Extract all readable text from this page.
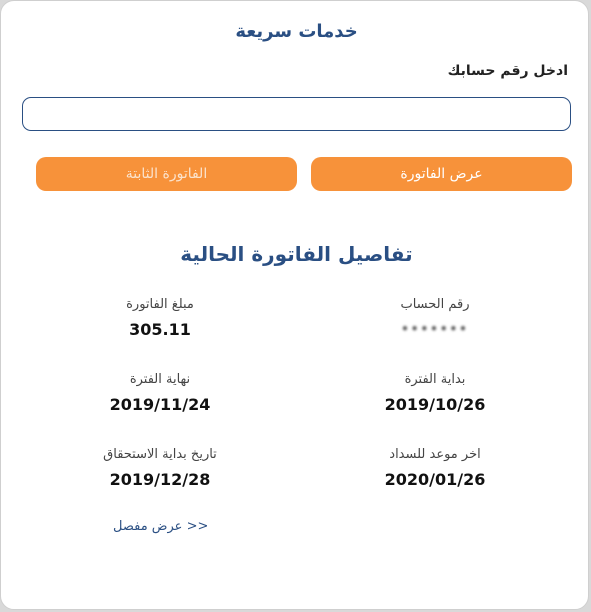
خدمات سريعة
ادخل رقم حسابك
عرض الفاتورة
الفاتورة الثابتة
تفاصيل الفاتورة الحالية
رقم الحساب
•••••••
مبلغ الفاتورة
305.11
بداية الفترة
2019/10/26
نهاية الفترة
2019/11/24
اخر موعد للسداد
2020/01/26
تاريخ بداية الاستحقاق
2019/12/28
<< عرض مفصل
